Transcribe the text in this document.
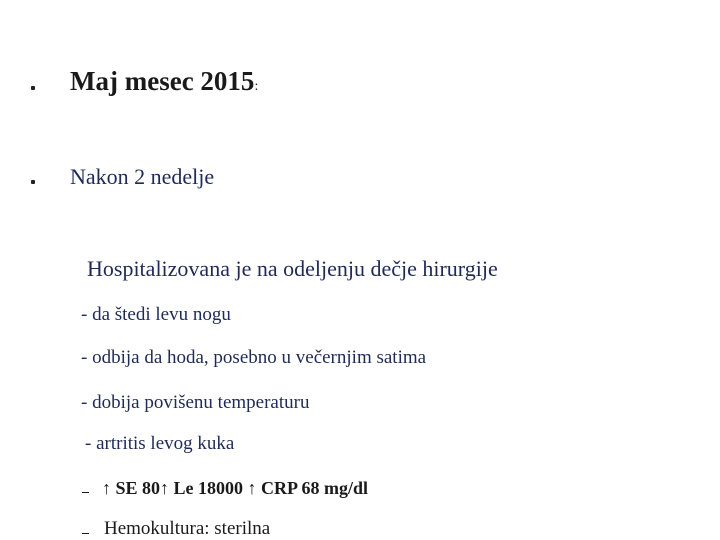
Maj mesec 2015:
Nakon 2 nedelje
Hospitalizovana je na odeljenju dečje hirurgije
- da štedi levu nogu
- odbija da hoda, posebno u večernjim satima
- dobija povišenu temperaturu
- artritis levog kuka
↑ SE 80↑ Le 18000 ↑ CRP 68 mg/dl
Hemokultura: sterilna
